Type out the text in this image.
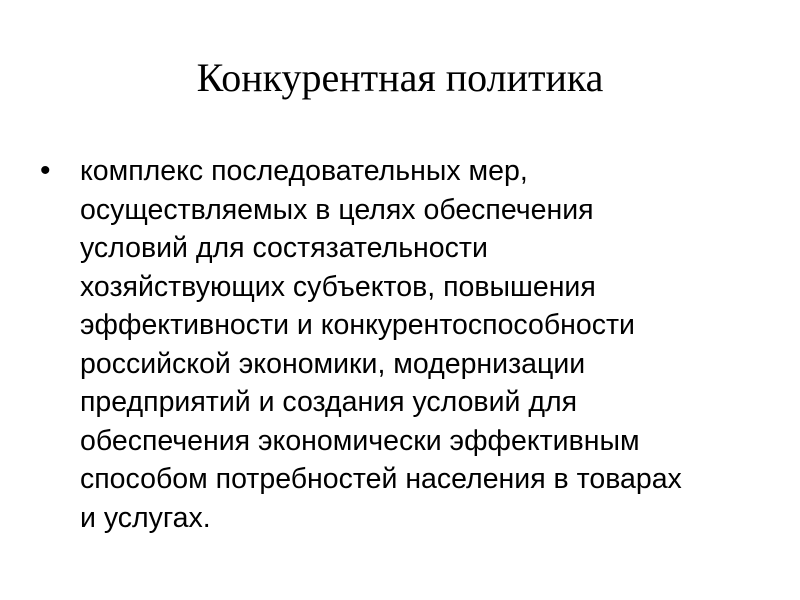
Конкурентная политика
• комплекс последовательных мер,
осуществляемых в целях обеспечения
условий для состязательности
хозяйствующих субъектов, повышения
эффективности и конкурентоспособности
российской экономики, модернизации
предприятий и создания условий для
обеспечения экономически эффективным
способом потребностей населения в товарах
и услугах.
